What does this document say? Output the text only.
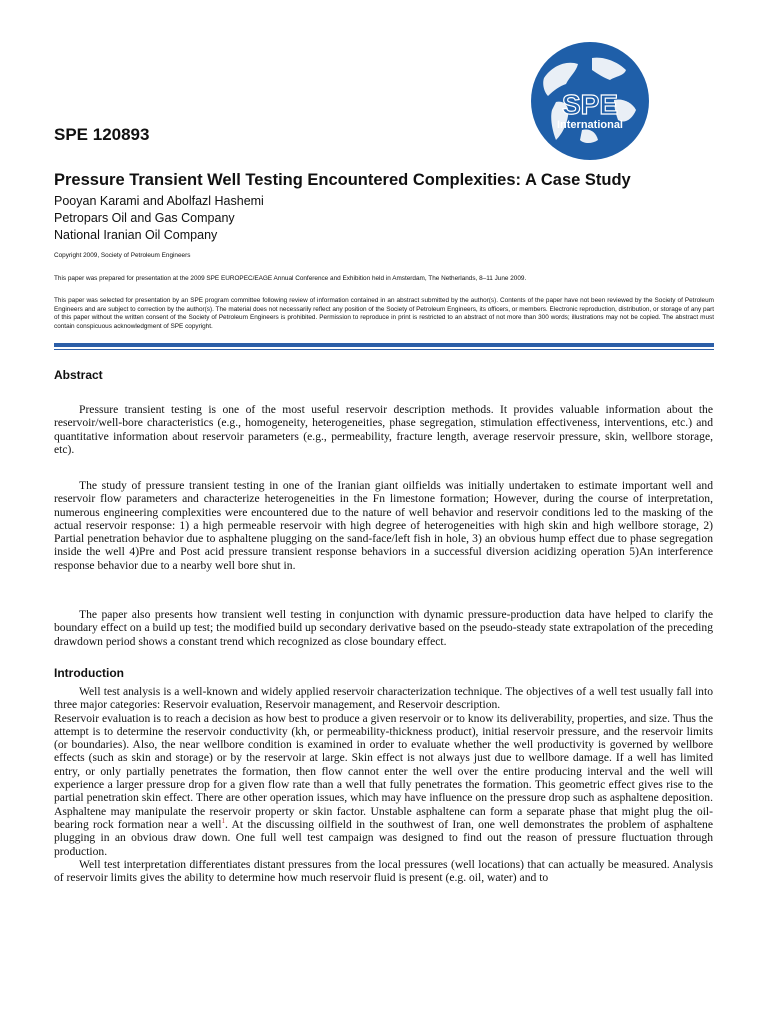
SPE
International
SPE 120893
Pressure Transient Well Testing Encountered Complexities: A Case Study
Pooyan Karami and Abolfazl Hashemi
Petropars Oil and Gas Company
National Iranian Oil Company
Copyright 2009, Society of Petroleum Engineers
This paper was prepared for presentation at the 2009 SPE EUROPEC/EAGE Annual Conference and Exhibition held in Amsterdam, The Netherlands, 8–11 June 2009.
This paper was selected for presentation by an SPE program committee following review of information contained in an abstract submitted by the author(s). Contents of the paper have not been reviewed by the Society of Petroleum Engineers and are subject to correction by the author(s). The material does not necessarily reflect any position of the Society of Petroleum Engineers, its officers, or members. Electronic reproduction, distribution, or storage of any part of this paper without the written consent of the Society of Petroleum Engineers is prohibited. Permission to reproduce in print is restricted to an abstract of not more than 300 words; illustrations may not be copied. The abstract must contain conspicuous acknowledgment of SPE copyright.
Abstract

Pressure transient testing is one of the most useful reservoir description methods. It provides valuable information about the reservoir/well-bore characteristics (e.g., homogeneity, heterogeneities, phase segregation, stimulation effectiveness, interventions, etc.) and quantitative information about reservoir parameters (e.g., permeability, fracture length, average reservoir pressure, skin, wellbore storage, etc).

The study of pressure transient testing in one of the Iranian giant oilfields was initially undertaken to estimate important well and reservoir flow parameters and characterize heterogeneities in the Fn limestone formation; However, during the course of interpretation, numerous engineering complexities were encountered due to the nature of well behavior and reservoir conditions led to the masking of the actual reservoir response: 1) a high permeable reservoir with high degree of heterogeneities with high skin and high wellbore storage, 2) Partial penetration behavior due to asphaltene plugging on the sand-face/left fish in hole, 3) an obvious hump effect due to phase segregation inside the well 4)Pre and Post acid pressure transient response behaviors in a successful diversion acidizing operation 5)An interference response behavior due to a nearby well bore shut in.

The paper also presents how transient well testing in conjunction with dynamic pressure-production data have helped to clarify the boundary effect on a build up test; the modified build up secondary derivative based on the pseudo-steady state extrapolation of the preceding drawdown period shows a constant trend which recognized as close boundary effect.

Introduction

Well test analysis is a well-known and widely applied reservoir characterization technique. The objectives of a well test usually fall into three major categories: Reservoir evaluation, Reservoir management, and Reservoir description.

Reservoir evaluation is to reach a decision as how best to produce a given reservoir or to know its deliverability, properties, and size. Thus the attempt is to determine the reservoir conductivity (kh, or permeability-thickness product), initial reservoir pressure, and the reservoir limits (or boundaries). Also, the near wellbore condition is examined in order to evaluate whether the well productivity is governed by wellbore effects (such as skin and storage) or by the reservoir at large. Skin effect is not always just due to wellbore damage. If a well has limited entry, or only partially penetrates the formation, then flow cannot enter the well over the entire producing interval and the well will experience a larger pressure drop for a given flow rate than a well that fully penetrates the formation. This geometric effect gives rise to the partial penetration skin effect. There are other operation issues, which may have influence on the pressure drop such as asphaltene deposition. Asphaltene may manipulate the reservoir property or skin factor. Unstable asphaltene can form a separate phase that might plug the oil-bearing rock formation near a well$^1$. At the discussing oilfield in the southwest of Iran, one well demonstrates the problem of asphaltene plugging in an obvious draw down. One full well test campaign was designed to find out the reason of pressure fluctuation through production.

Well test interpretation differentiates distant pressures from the local pressures (well locations) that can actually be measured. Analysis of reservoir limits gives the ability to determine how much reservoir fluid is present (e.g. oil, water) and to
